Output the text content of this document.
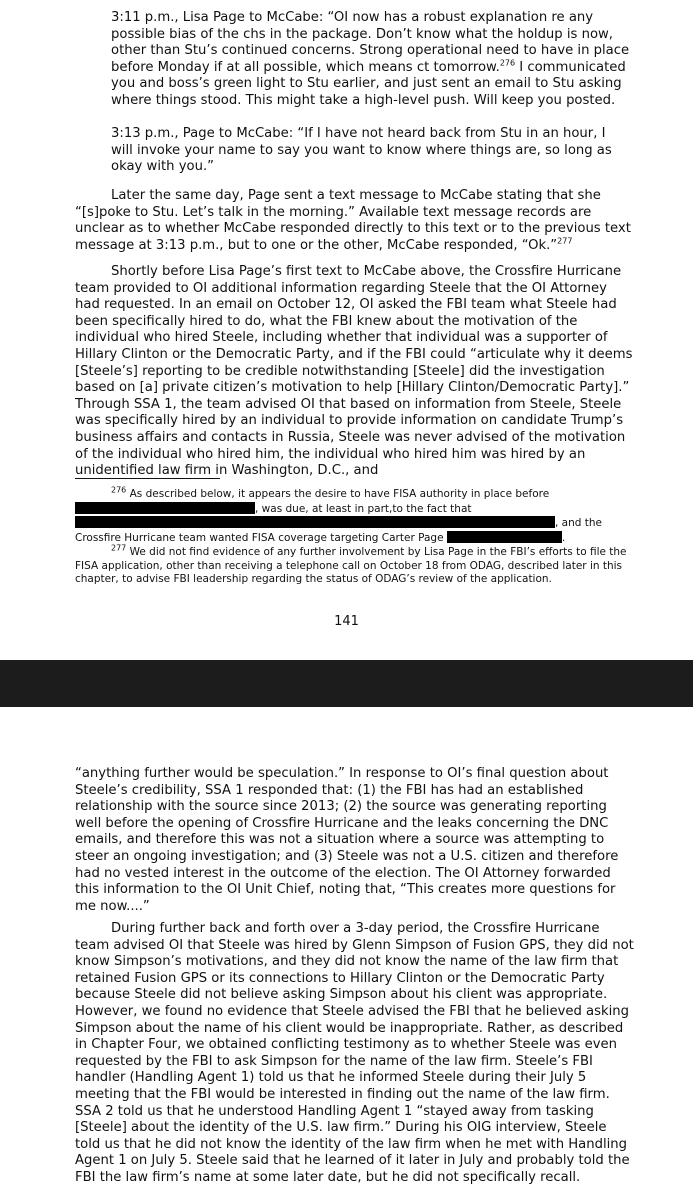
3:11 p.m., Lisa Page to McCabe: “OI now has a robust explanation re any possible bias of the chs in the package. Don’t know what the holdup is now, other than Stu’s continued concerns. Strong operational need to have in place before Monday if at all possible, which means ct tomorrow.$^{276}$ I communicated you and boss’s green light to Stu earlier, and just sent an email to Stu asking where things stood. This might take a high-level push. Will keep you posted.
3:13 p.m., Page to McCabe: “If I have not heard back from Stu in an hour, I will invoke your name to say you want to know where things are, so long as okay with you.”
Later the same day, Page sent a text message to McCabe stating that she “[s]poke to Stu. Let’s talk in the morning.” Available text message records are unclear as to whether McCabe responded directly to this text or to the previous text message at 3:13 p.m., but to one or the other, McCabe responded, “Ok.”$^{277}$
Shortly before Lisa Page’s first text to McCabe above, the Crossfire Hurricane team provided to OI additional information regarding Steele that the OI Attorney had requested. In an email on October 12, OI asked the FBI team what Steele had been specifically hired to do, what the FBI knew about the motivation of the individual who hired Steele, including whether that individual was a supporter of Hillary Clinton or the Democratic Party, and if the FBI could “articulate why it deems [Steele’s] reporting to be credible notwithstanding [Steele] did the investigation based on [a] private citizen’s motivation to help [Hillary Clinton/Democratic Party].” Through SSA 1, the team advised OI that based on information from Steele, Steele was specifically hired by an individual to provide information on candidate Trump’s business affairs and contacts in Russia, Steele was never advised of the motivation of the individual who hired him, the individual who hired him was hired by an unidentified law firm in Washington, D.C., and
$^{276}$ As described below, it appears the desire to have FISA authority in place before , was due, at least in part,to the fact that , and the Crossfire Hurricane team wanted FISA coverage targeting Carter Page	.
$^{277}$ We did not find evidence of any further involvement by Lisa Page in the FBI’s efforts to file the FISA application, other than receiving a telephone call on October 18 from ODAG, described later in this chapter, to advise FBI leadership regarding the status of ODAG’s review of the application.
141
“anything further would be speculation.” In response to OI’s final question about Steele’s credibility, SSA 1 responded that: (1) the FBI has had an established relationship with the source since 2013; (2) the source was generating reporting well before the opening of Crossfire Hurricane and the leaks concerning the DNC emails, and therefore this was not a situation where a source was attempting to steer an ongoing investigation; and (3) Steele was not a U.S. citizen and therefore had no vested interest in the outcome of the election. The OI Attorney forwarded this information to the OI Unit Chief, noting that, “This creates more questions for me now....”
During further back and forth over a 3-day period, the Crossfire Hurricane team advised OI that Steele was hired by Glenn Simpson of Fusion GPS, they did not know Simpson’s motivations, and they did not know the name of the law firm that retained Fusion GPS or its connections to Hillary Clinton or the Democratic Party because Steele did not believe asking Simpson about his client was appropriate. However, we found no evidence that Steele advised the FBI that he believed asking Simpson about the name of his client would be inappropriate. Rather, as described in Chapter Four, we obtained conflicting testimony as to whether Steele was even requested by the FBI to ask Simpson for the name of the law firm. Steele’s FBI handler (Handling Agent 1) told us that he informed Steele during their July 5 meeting that the FBI would be interested in finding out the name of the law firm. SSA 2 told us that he understood Handling Agent 1 “stayed away from tasking [Steele] about the identity of the U.S. law firm.” During his OIG interview, Steele told us that he did not know the identity of the law firm when he met with Handling Agent 1 on July 5. Steele said that he learned of it later in July and probably told the FBI the law firm’s name at some later date, but he did not specifically recall.
